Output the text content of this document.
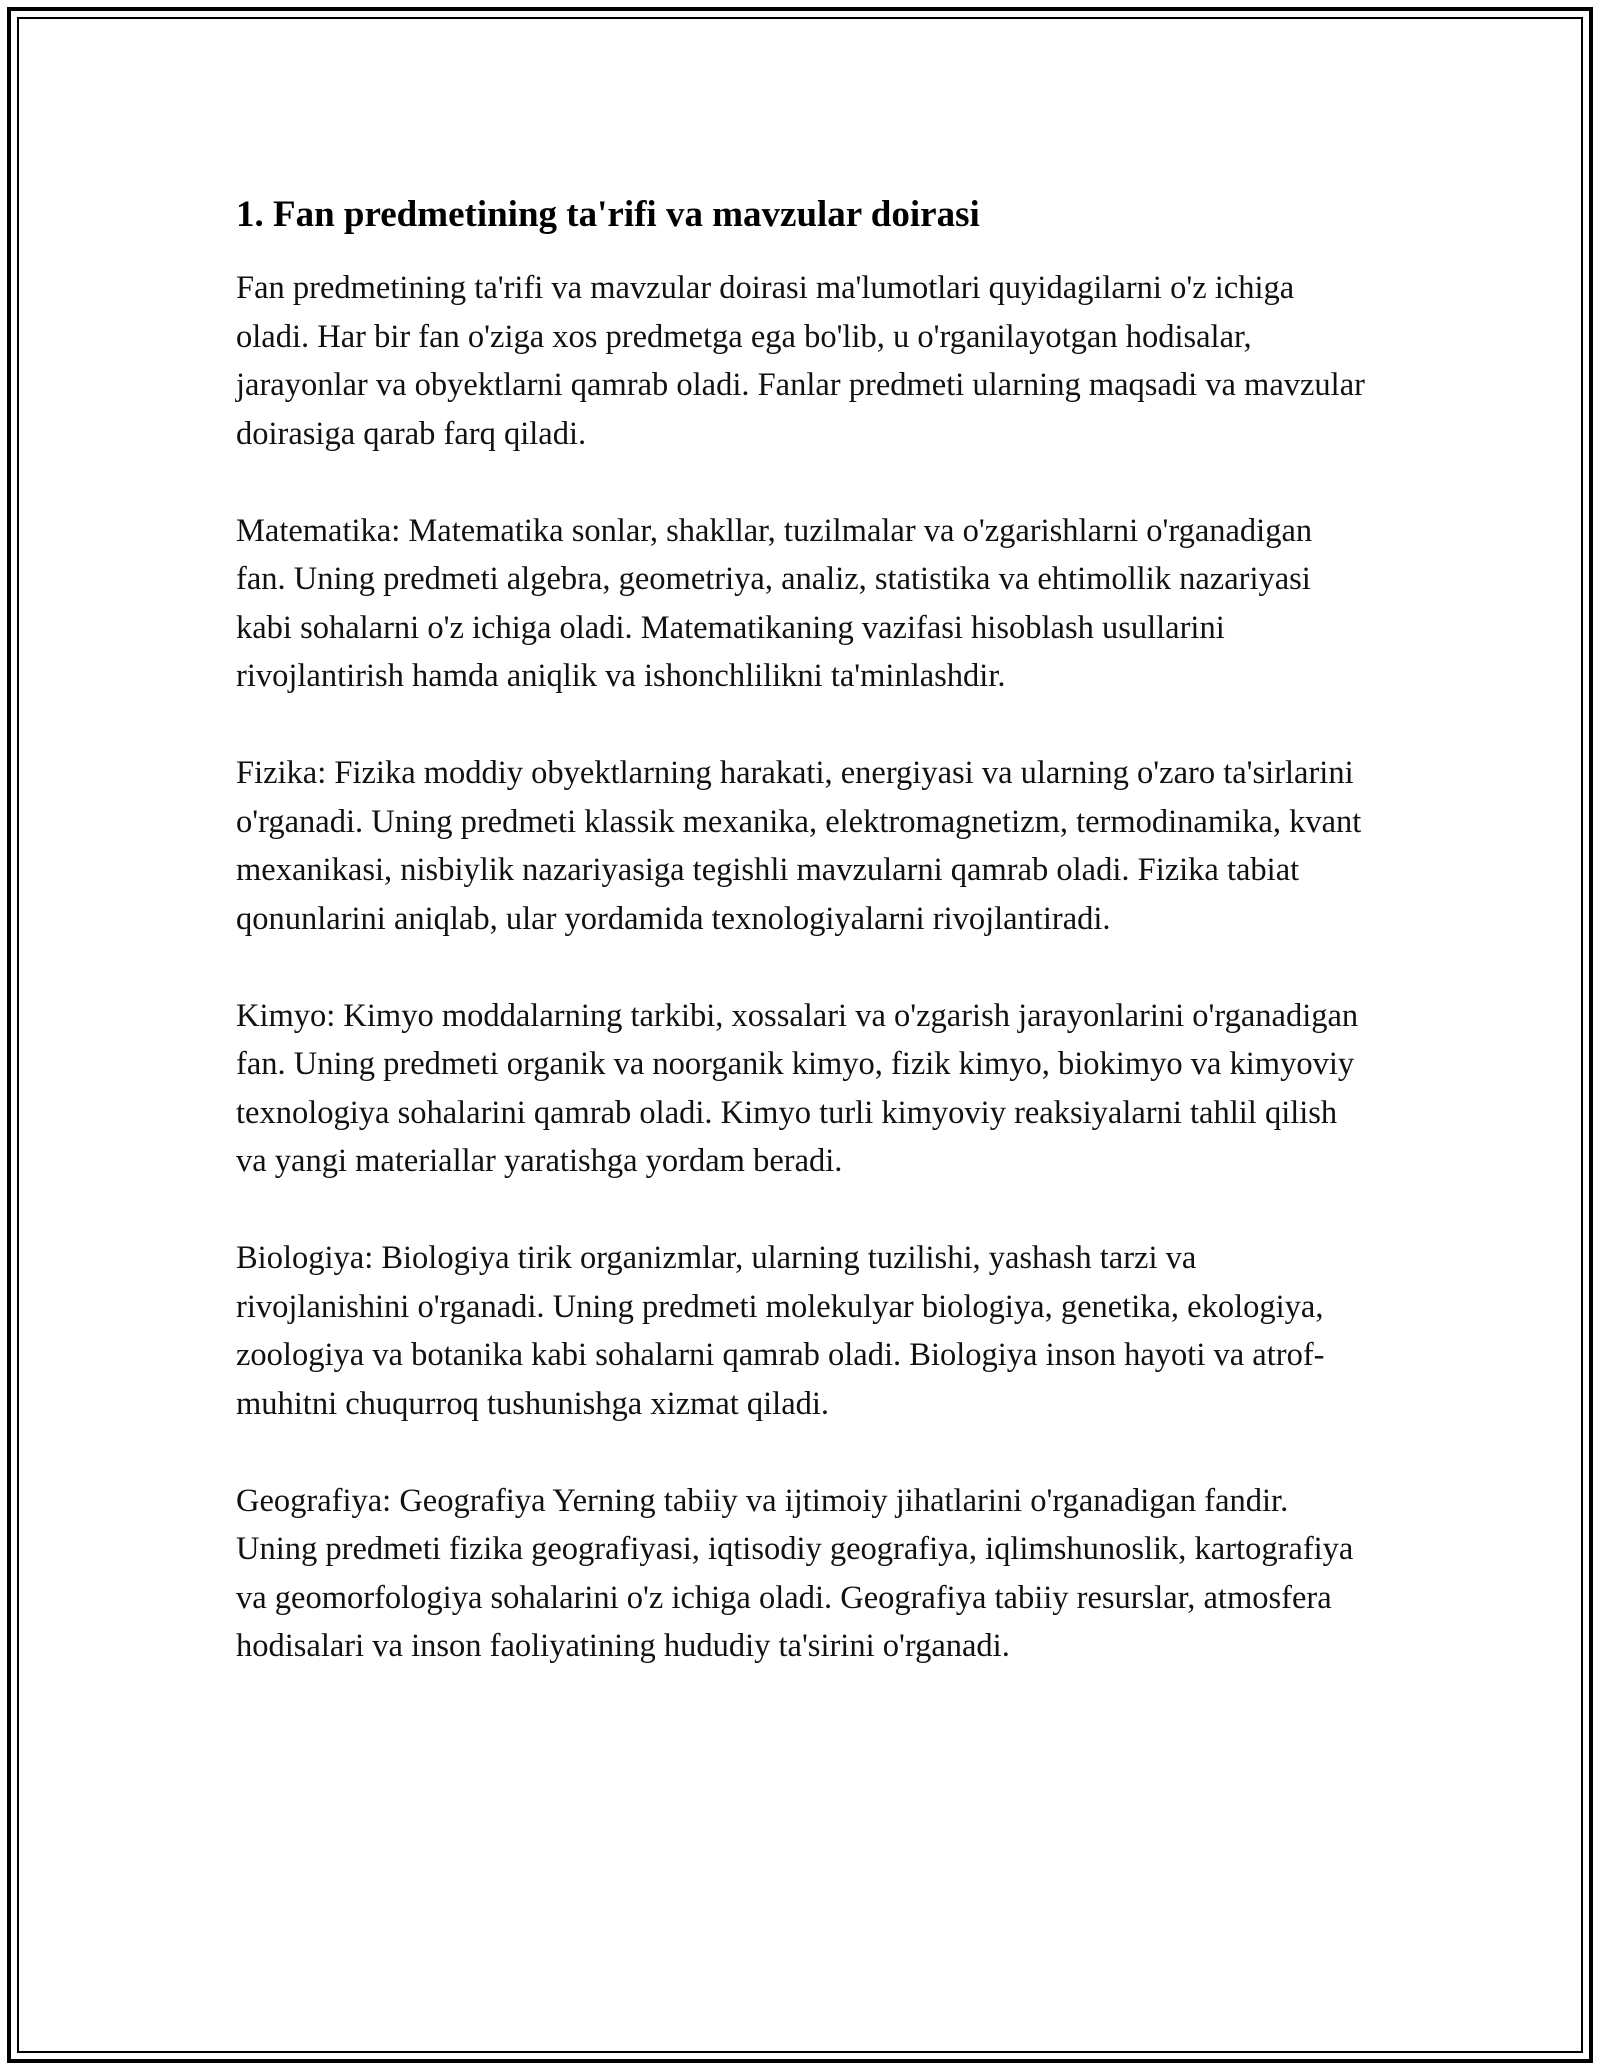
1. Fan predmetining ta'rifi va mavzular doirasi

Fan predmetining ta'rifi va mavzular doirasi ma'lumotlari quyidagilarni o'z ichiga oladi. Har bir fan o'ziga xos predmetga ega bo'lib, u o'rganilayotgan hodisalar, jarayonlar va obyektlarni qamrab oladi. Fanlar predmeti ularning maqsadi va mavzular doirasiga qarab farq qiladi.

Matematika: Matematika sonlar, shakllar, tuzilmalar va o'zgarishlarni o'rganadigan fan. Uning predmeti algebra, geometriya, analiz, statistika va ehtimollik nazariyasi kabi sohalarni o'z ichiga oladi. Matematikaning vazifasi hisoblash usullarini rivojlantirish hamda aniqlik va ishonchlilikni ta'minlashdir.

Fizika: Fizika moddiy obyektlarning harakati, energiyasi va ularning o'zaro ta'sirlarini o'rganadi. Uning predmeti klassik mexanika, elektromagnetizm, termodinamika, kvant mexanikasi, nisbiylik nazariyasiga tegishli mavzularni qamrab oladi. Fizika tabiat qonunlarini aniqlab, ular yordamida texnologiyalarni rivojlantiradi.

Kimyo: Kimyo moddalarning tarkibi, xossalari va o'zgarish jarayonlarini o'rganadigan fan. Uning predmeti organik va noorganik kimyo, fizik kimyo, biokimyo va kimyoviy texnologiya sohalarini qamrab oladi. Kimyo turli kimyoviy reaksiyalarni tahlil qilish va yangi materiallar yaratishga yordam beradi.

Biologiya: Biologiya tirik organizmlar, ularning tuzilishi, yashash tarzi va rivojlanishini o'rganadi. Uning predmeti molekulyar biologiya, genetika, ekologiya, zoologiya va botanika kabi sohalarni qamrab oladi. Biologiya inson hayoti va atrof-muhitni chuqurroq tushunishga xizmat qiladi.

Geografiya: Geografiya Yerning tabiiy va ijtimoiy jihatlarini o'rganadigan fandir. Uning predmeti fizika geografiyasi, iqtisodiy geografiya, iqlimshunoslik, kartografiya va geomorfologiya sohalarini o'z ichiga oladi. Geografiya tabiiy resurslar, atmosfera hodisalari va inson faoliyatining hududiy ta'sirini o'rganadi.
